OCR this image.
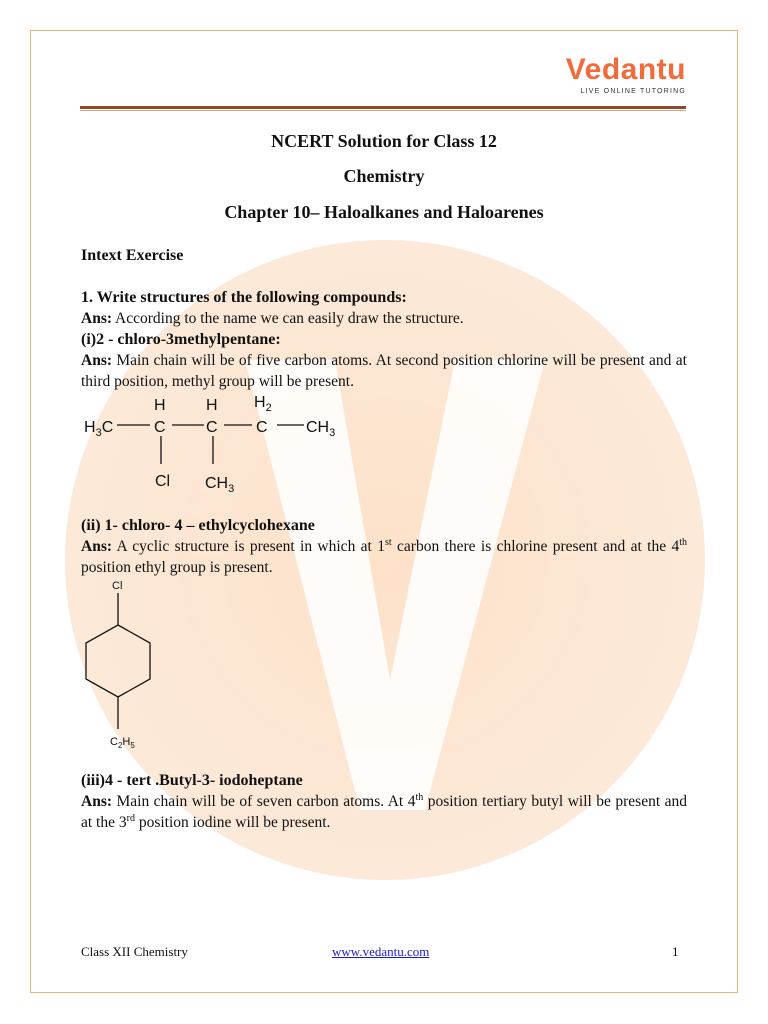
Vedantu
LIVE ONLINE TUTORING
NCERT Solution for Class 12
Chemistry
Chapter 10– Haloalkanes and Haloarenes

Intext Exercise

1. Write structures of the following compounds:

Ans: According to the name we can easily draw the structure.

(i)2 - chloro-3methylpentane:

Ans: Main chain will be of five carbon atoms. At second position chlorine will be present and at third position, methyl group will be present.

$H_3C$	C
H
C
H
C
$H_2$
$CH_3$
Cl $CH_3$

(ii) 1- chloro- 4 – ethylcyclohexane

Ans: A cyclic structure is present in which at 1st carbon there is chlorine present and at the 4th position ethyl group is present.

Cl
$C_2H_5$

(iii)4 - tert .Butyl-3- iodoheptane

Ans: Main chain will be of seven carbon atoms. At 4th position tertiary butyl will be present and at the 3rd position iodine will be present.

Class XII Chemistry	www.vedantu.com	1
